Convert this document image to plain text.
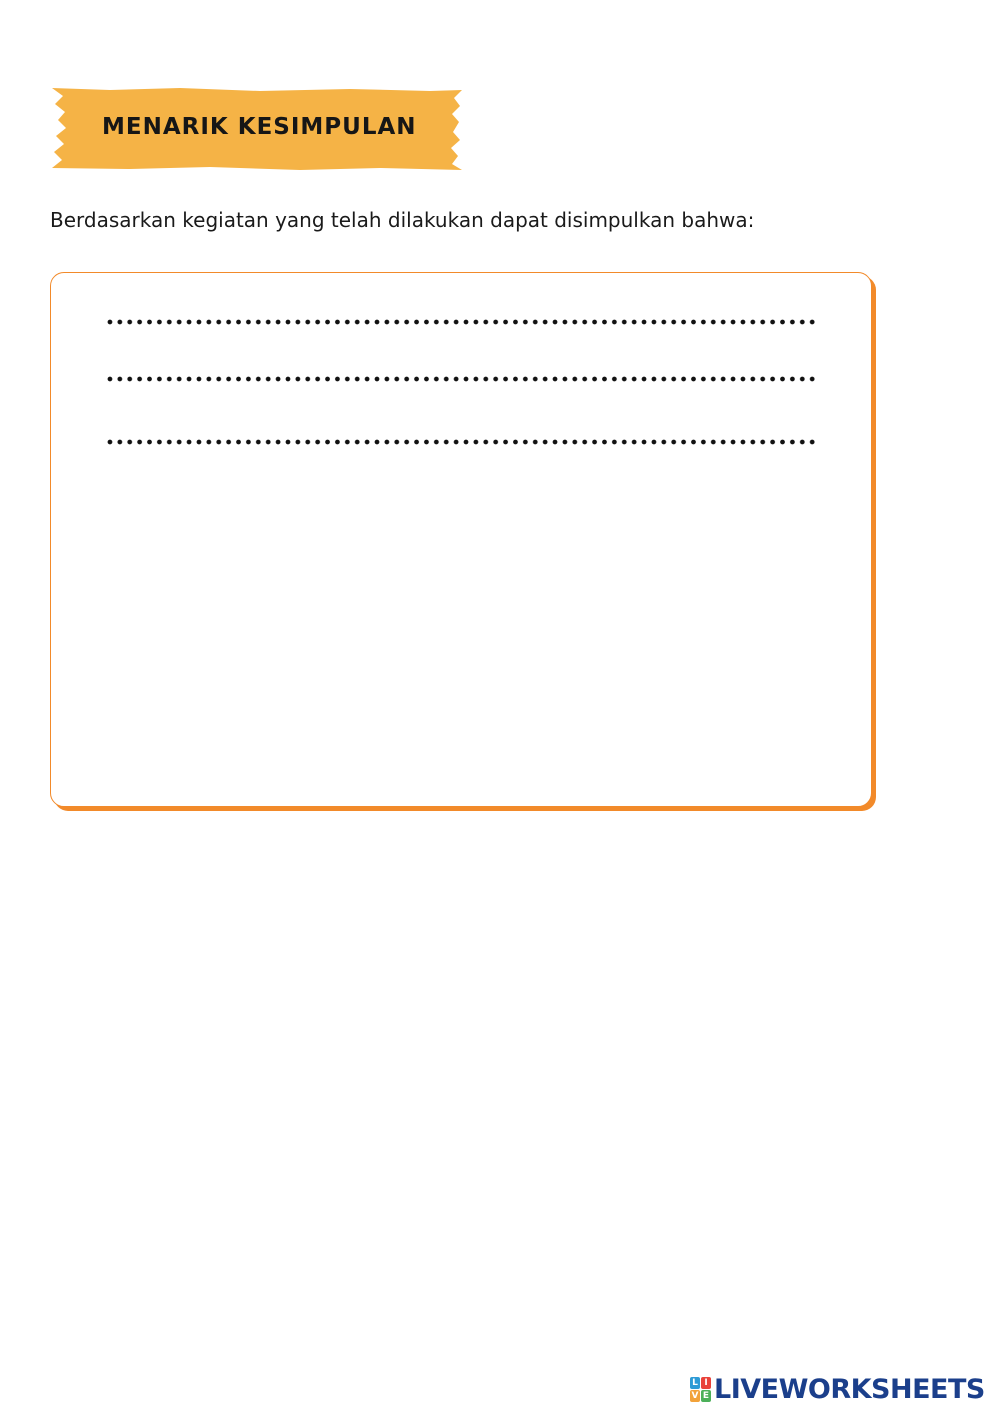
MENARIK KESIMPULAN
Berdasarkan kegiatan yang telah dilakukan dapat disimpulkan bahwa:
L I
V E LIVEWORKSHEETS
